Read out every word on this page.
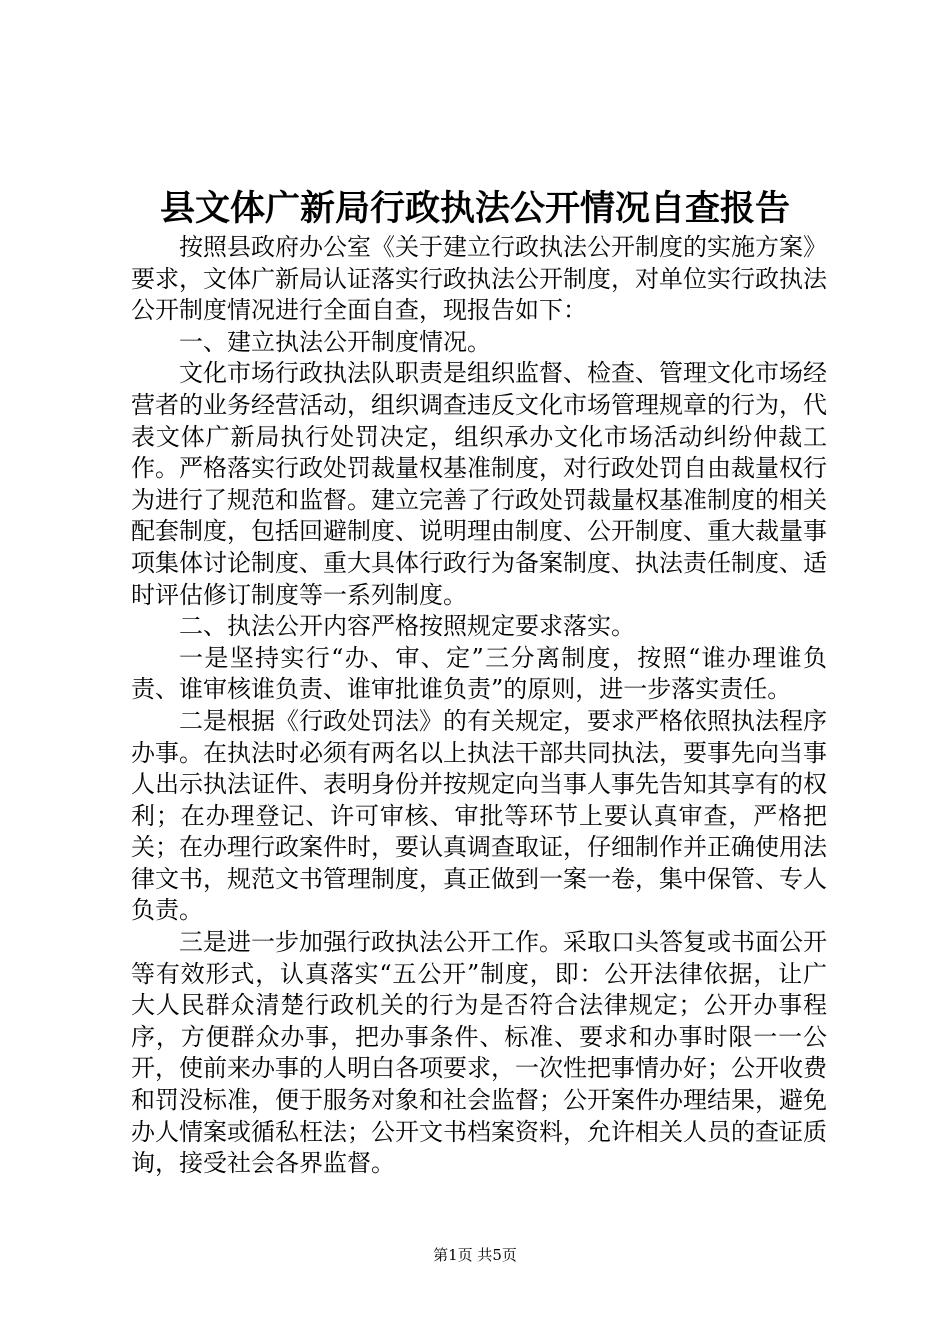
县文体广新局行政执法公开情况自查报告

按照县政府办公室《关于建立行政执法公开制度的实施方案》要求，文体广新局认证落实行政执法公开制度，对单位实行政执法公开制度情况进行全面自查，现报告如下：

一、建立执法公开制度情况。

文化市场行政执法队职责是组织监督、检查、管理文化市场经营者的业务经营活动，组织调查违反文化市场管理规章的行为，代表文体广新局执行处罚决定，组织承办文化市场活动纠纷仲裁工作。严格落实行政处罚裁量权基准制度，对行政处罚自由裁量权行为进行了规范和监督。建立完善了行政处罚裁量权基准制度的相关配套制度，包括回避制度、说明理由制度、公开制度、重大裁量事项集体讨论制度、重大具体行政行为备案制度、执法责任制度、适时评估修订制度等一系列制度。

二、执法公开内容严格按照规定要求落实。

一是坚持实行“办、审、定”三分离制度，按照“谁办理谁负责、谁审核谁负责、谁审批谁负责”的原则，进一步落实责任。

二是根据《行政处罚法》的有关规定，要求严格依照执法程序办事。在执法时必须有两名以上执法干部共同执法，要事先向当事人出示执法证件、表明身份并按规定向当事人事先告知其享有的权利；在办理登记、许可审核、审批等环节上要认真审查，严格把关；在办理行政案件时，要认真调查取证，仔细制作并正确使用法律文书，规范文书管理制度，真正做到一案一卷，集中保管、专人负责。

三是进一步加强行政执法公开工作。采取口头答复或书面公开等有效形式，认真落实“五公开”制度，即：公开法律依据，让广大人民群众清楚行政机关的行为是否符合法律规定；公开办事程序，方便群众办事，把办事条件、标准、要求和办事时限一一公开，使前来办事的人明白各项要求，一次性把事情办好；公开收费和罚没标准，便于服务对象和社会监督；公开案件办理结果，避免办人情案或循私枉法；公开文书档案资料，允许相关人员的查证质询，接受社会各界监督。

第1页 共5页
